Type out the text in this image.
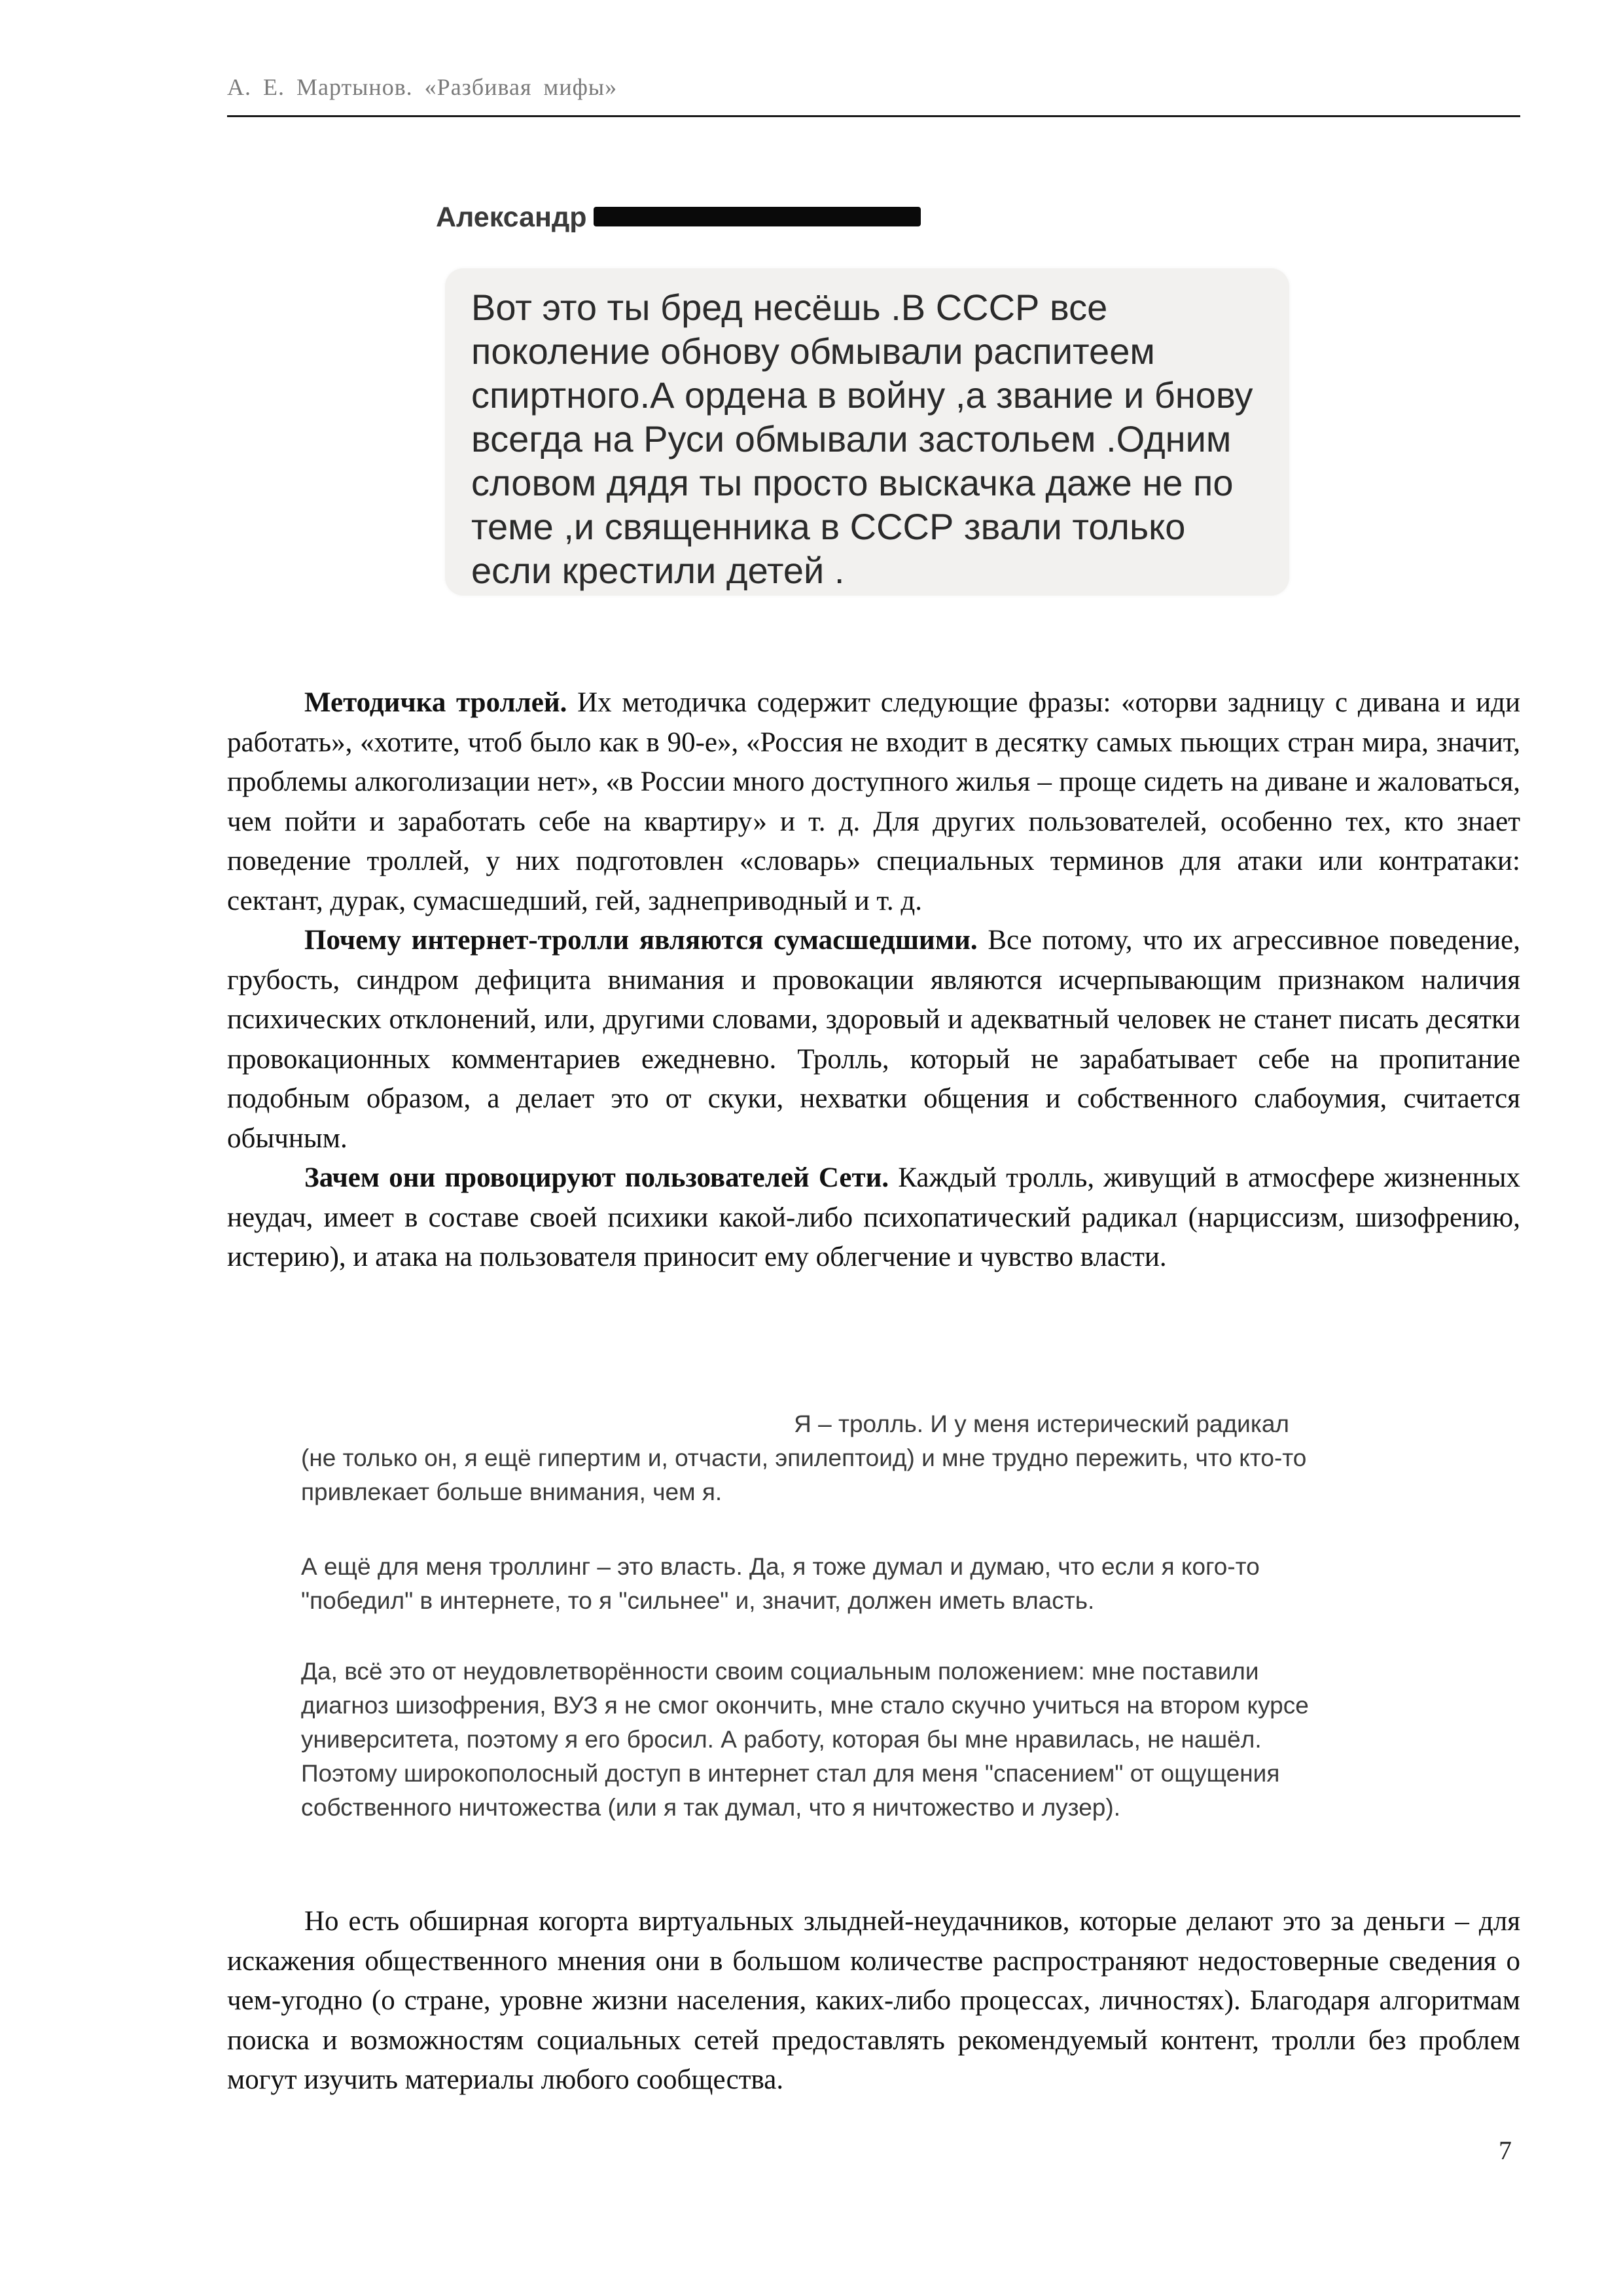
А. Е. Мартынов. «Разбивая мифы»
Александр
Вот это ты бред несёшь .В СССР все
поколение обнову обмывали распитеем
спиртного.А ордена в войну ,а звание и бнову
всегда на Руси обмывали застольем .Одним
словом дядя ты просто выскачка даже не по
теме ,и священника в СССР звали только
если крестили детей .

Методичка троллей. Их методичка содержит следующие фразы: «оторви задницу с дивана и иди работать», «хотите, чтоб было как в 90-е», «Россия не входит в десятку самых пьющих стран мира, значит, проблемы алкоголизации нет», «в России много доступного жилья – проще сидеть на диване и жаловаться, чем пойти и заработать себе на квартиру» и т. д. Для других пользователей, особенно тех, кто знает поведение троллей, у них подготовлен «словарь» специальных терминов для атаки или контратаки: сектант, дурак, сумасшедший, гей, заднеприводный и т. д.

Почему интернет-тролли являются сумасшедшими. Все потому, что их агрессивное поведение, грубость, синдром дефицита внимания и провокации являются исчерпывающим признаком наличия психических отклонений, или, другими словами, здоровый и адекватный человек не станет писать десятки провокационных комментариев ежедневно. Тролль, который не зарабатывает себе на пропитание подобным образом, а делает это от скуки, нехватки общения и собственного слабоумия, считается обычным.

Зачем они провоцируют пользователей Сети. Каждый тролль, живущий в атмосфере жизненных неудач, имеет в составе своей психики какой-либо психопатический радикал (нарциссизм, шизофрению, истерию), и атака на пользователя приносит ему облегчение и чувство власти.

Я – тролль. И у меня истерический радикал
(не только он, я ещё гипертим и, отчасти, эпилептоид) и мне трудно пережить, что кто-то
привлекает больше внимания, чем я.
А ещё для меня троллинг – это власть. Да, я тоже думал и думаю, что если я кого-то
"победил" в интернете, то я "сильнее" и, значит, должен иметь власть.
Да, всё это от неудовлетворённости своим социальным положением: мне поставили
диагноз шизофрения, ВУЗ я не смог окончить, мне стало скучно учиться на втором курсе
университета, поэтому я его бросил. А работу, которая бы мне нравилась, не нашёл.
Поэтому широкополосный доступ в интернет стал для меня "спасением" от ощущения
собственного ничтожества (или я так думал, что я ничтожество и лузер).

Но есть обширная когорта виртуальных злыдней-неудачников, которые делают это за деньги – для искажения общественного мнения они в большом количестве распространяют недостоверные сведения о чем-угодно (о стране, уровне жизни населения, каких-либо процессах, личностях). Благодаря алгоритмам поиска и возможностям социальных сетей предоставлять рекомендуемый контент, тролли без проблем могут изучить материалы любого сообщества.

7
